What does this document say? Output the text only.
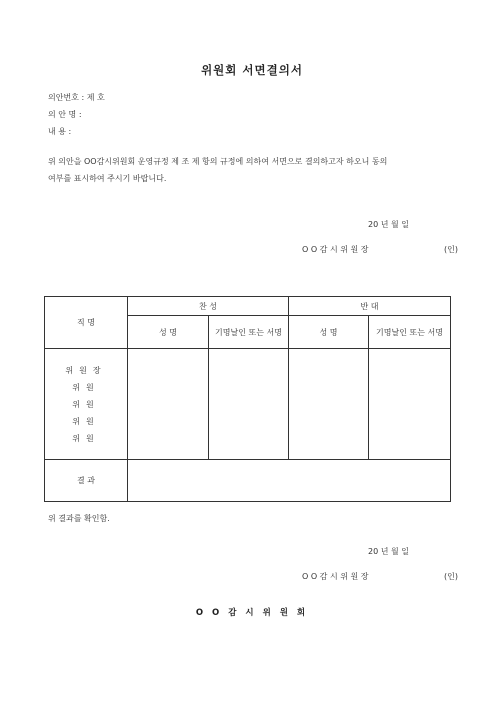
위원회 서면결의서
의안번호 : 제 호
의 안 명 :
내 용 :
위 의안을 OO감시위원회 운영규정 제 조 제 항의 규정에 의하여 서면으로 결의하고자 하오니 동의
여부를 표시하여 주시기 바랍니다.
20 년 월 일
O O 감 시 위 원 장	(인)
직 명	찬 성		반 대	
	성 명	기명날인 또는 서명	성 명	기명날인 또는 서명

위원장
위원
위원
위원
위원				

결 과				
위 결과를 확인함.
20 년 월 일
O O 감 시 위 원 장	(인)
O O 감 시 위 원 회
